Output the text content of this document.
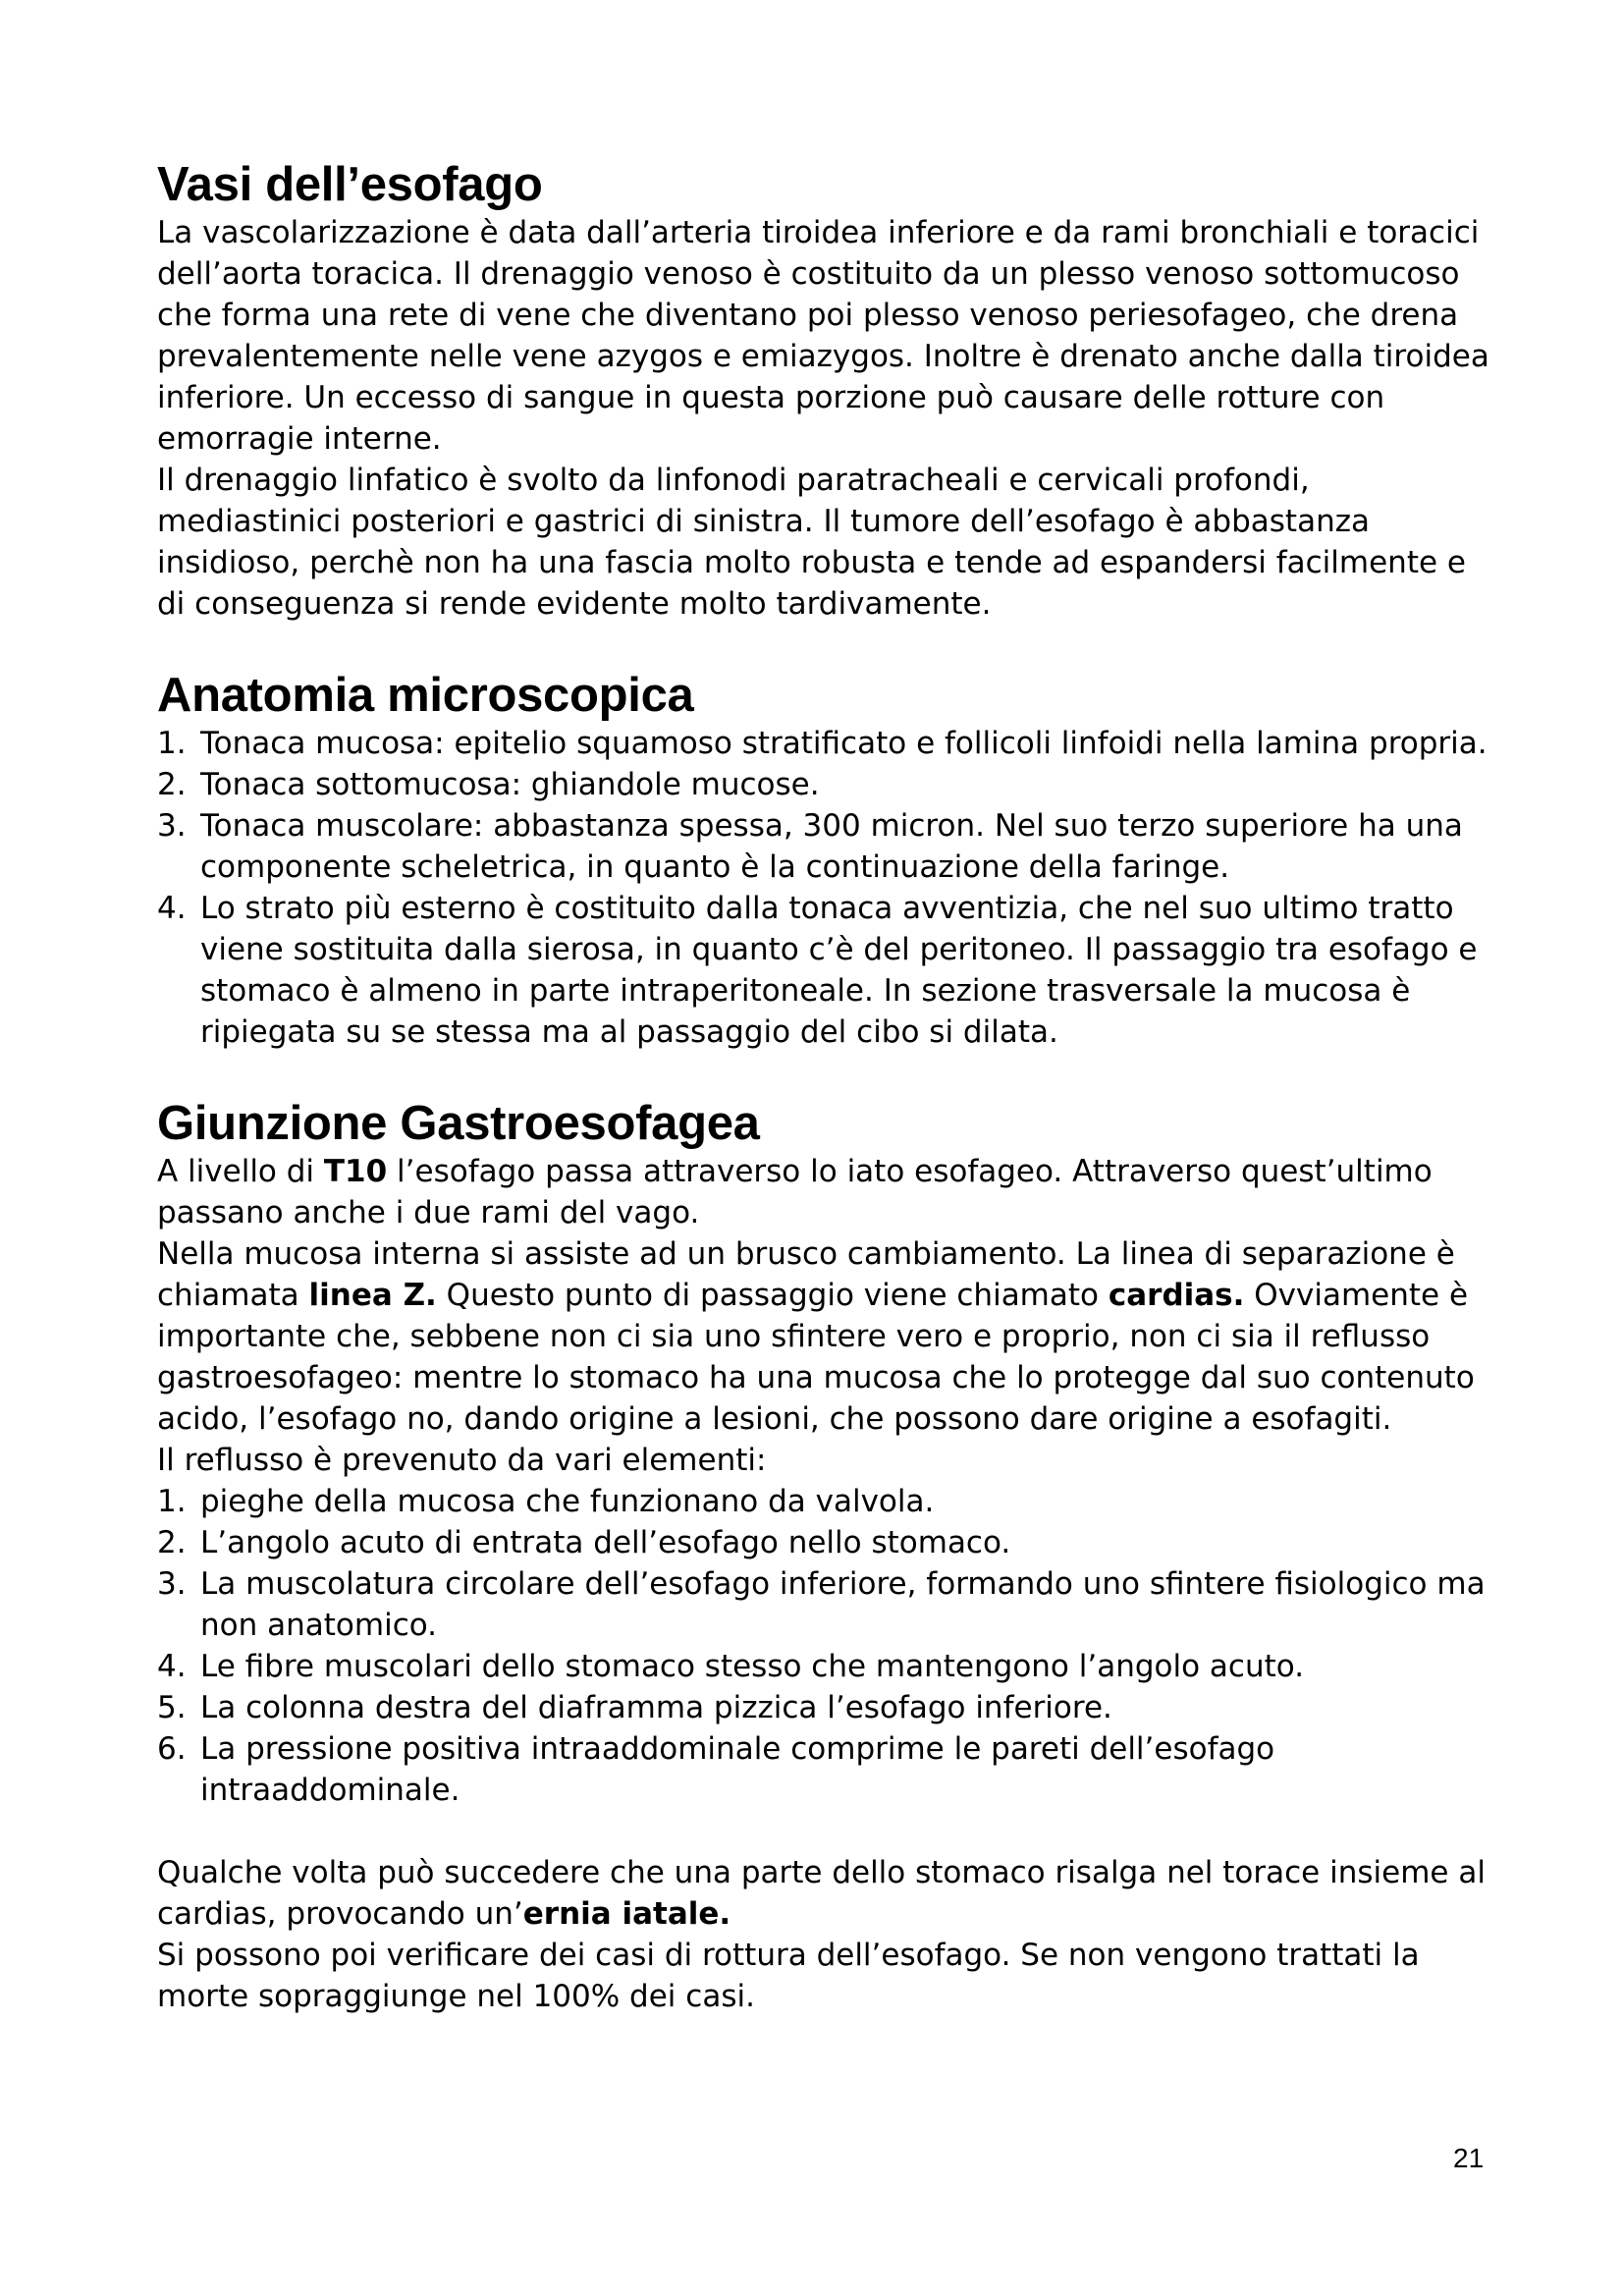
Vasi dell’esofago

La vascolarizzazione è data dall’arteria tiroidea inferiore e da rami bronchiali e toracici dell’aorta toracica. Il drenaggio venoso è costituito da un plesso venoso sottomucoso che forma una rete di vene che diventano poi plesso venoso periesofageo, che drena prevalentemente nelle vene azygos e emiazygos. Inoltre è drenato anche dalla tiroidea inferiore. Un eccesso di sangue in questa porzione può causare delle rotture con emorragie interne.

Il drenaggio linfatico è svolto da linfonodi paratracheali e cervicali profondi, mediastinici posteriori e gastrici di sinistra. Il tumore dell’esofago è abbastanza insidioso, perchè non ha una fascia molto robusta e tende ad espandersi facilmente e di conseguenza si rende evidente molto tardivamente.

Anatomia microscopica
1. Tonaca mucosa: epitelio squamoso stratificato e follicoli linfoidi nella lamina propria.
2. Tonaca sottomucosa: ghiandole mucose.
3. Tonaca muscolare: abbastanza spessa, 300 micron. Nel suo terzo superiore ha una componente scheletrica, in quanto è la continuazione della faringe.
4. Lo strato più esterno è costituito dalla tonaca avventizia, che nel suo ultimo tratto viene sostituita dalla sierosa, in quanto c’è del peritoneo. Il passaggio tra esofago e stomaco è almeno in parte intraperitoneale. In sezione trasversale la mucosa è ripiegata su se stessa ma al passaggio del cibo si dilata.
Giunzione Gastroesofagea

A livello di T10 l’esofago passa attraverso lo iato esofageo. Attraverso quest’ultimo passano anche i due rami del vago.

Nella mucosa interna si assiste ad un brusco cambiamento. La linea di separazione è chiamata linea Z. Questo punto di passaggio viene chiamato cardias. Ovviamente è importante che, sebbene non ci sia uno sfintere vero e proprio, non ci sia il reflusso gastroesofageo: mentre lo stomaco ha una mucosa che lo protegge dal suo contenuto acido, l’esofago no, dando origine a lesioni, che possono dare origine a esofagiti.

Il reflusso è prevenuto da vari elementi:

1. pieghe della mucosa che funzionano da valvola.
2. L’angolo acuto di entrata dell’esofago nello stomaco.
3. La muscolatura circolare dell’esofago inferiore, formando uno sfintere fisiologico ma non anatomico.
4. Le fibre muscolari dello stomaco stesso che mantengono l’angolo acuto.
5. La colonna destra del diaframma pizzica l’esofago inferiore.
6. La pressione positiva intraaddominale comprime le pareti dell’esofago intraaddominale.

Qualche volta può succedere che una parte dello stomaco risalga nel torace insieme al cardias, provocando un’ernia iatale.

Si possono poi verificare dei casi di rottura dell’esofago. Se non vengono trattati la morte sopraggiunge nel 100% dei casi.

21
